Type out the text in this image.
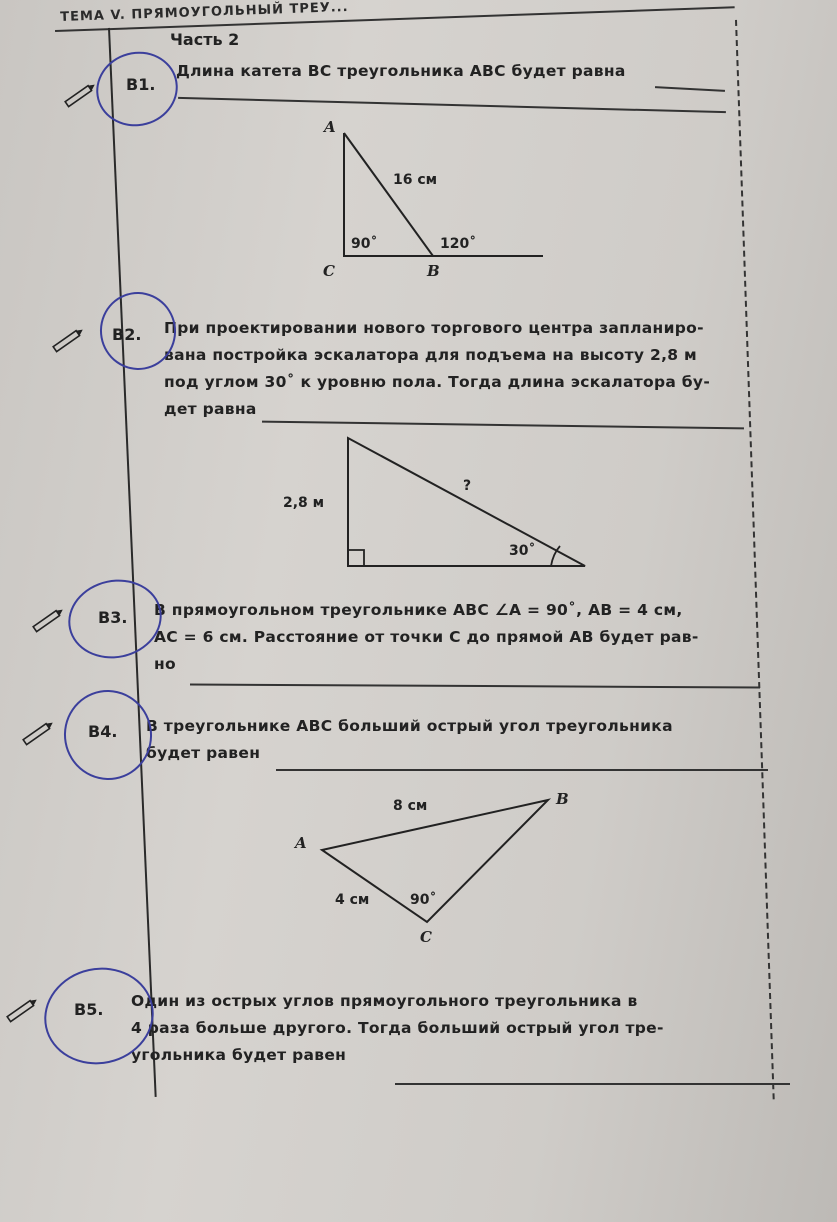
ТЕМА V. ПРЯМОУГОЛЬНЫЙ ТРЕУ...
Часть 2
В1.
Длина катета BC треугольника ABC будет равна
A
16 см
90˚	120˚
C	B
В2. При проектировании нового торгового центра запланиро-
вана постройка эскалатора для подъема на высоту 2,8 м
под углом 30˚ к уровню пола. Тогда длина эскалатора бу-
дет равна
2,8 м
?
30˚
В3. В прямоугольном треугольнике ABC ∠A = 90˚, AB = 4 см,
AC = 6 см. Расстояние от точки C до прямой AB будет рав-
но
В4. В треугольнике ABC больший острый угол треугольника
будет равен
8 см	B
A
4 см	90˚
C
В5. Один из острых углов прямоугольного треугольника в
4 раза больше другого. Тогда больший острый угол тре-
угольника будет равен
